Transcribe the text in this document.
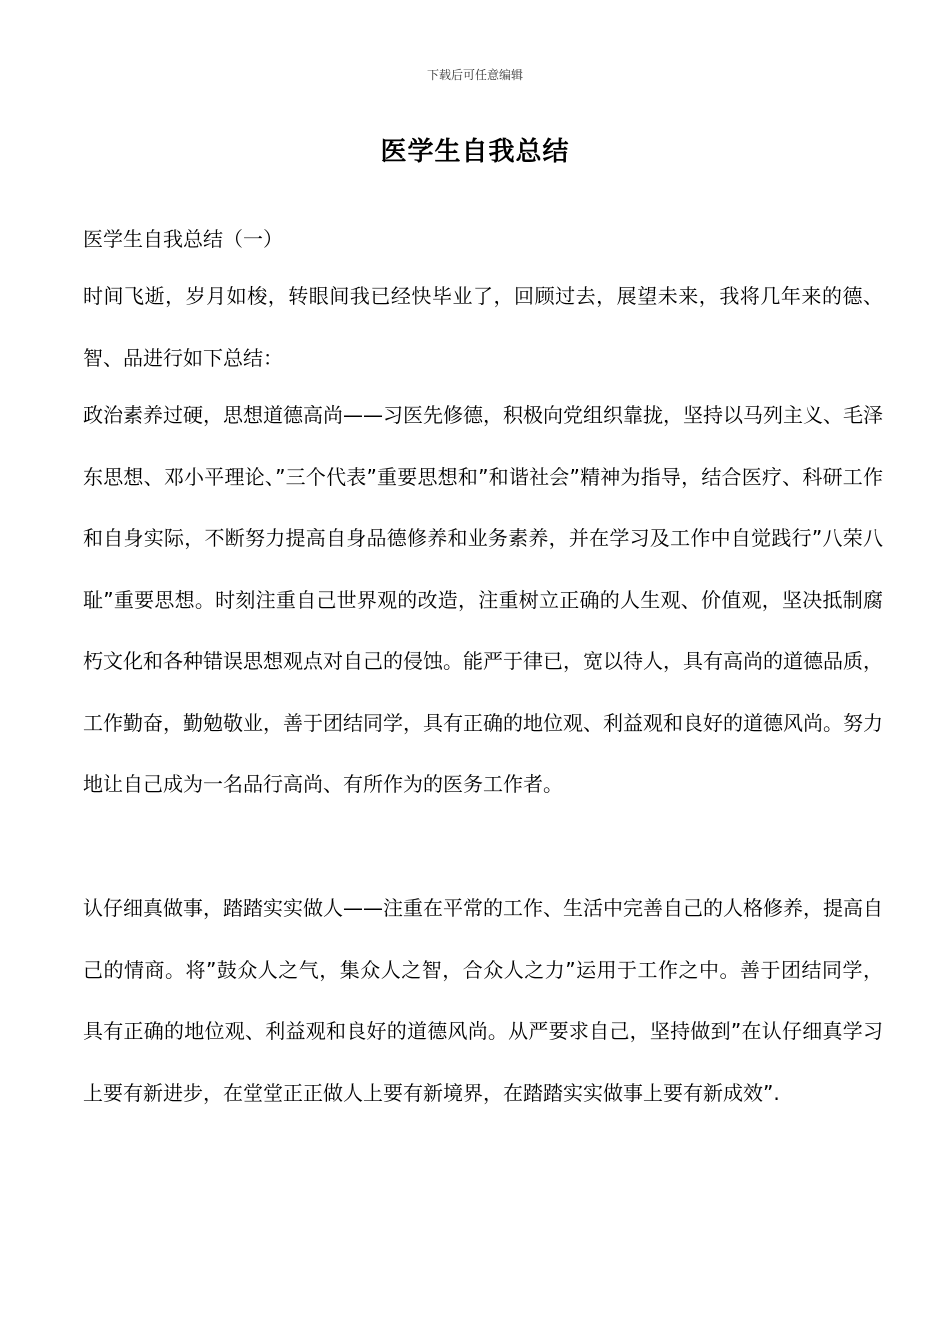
下载后可任意编辑
医学生自我总结
医学生自我总结（一）
时间飞逝，岁月如梭，转眼间我已经快毕业了，回顾过去，展望未来，我将几年来的德、智、品进行如下总结：
政治素养过硬，思想道德高尚——习医先修德，积极向党组织靠拢，坚持以马列主义、毛泽东思想、邓小平理论、”三个代表”重要思想和”和谐社会”精神为指导，结合医疗、科研工作和自身实际，不断努力提高自身品德修养和业务素养，并在学习及工作中自觉践行”八荣八耻”重要思想。时刻注重自己世界观的改造，注重树立正确的人生观、价值观，坚决抵制腐朽文化和各种错误思想观点对自己的侵蚀。能严于律已，宽以待人，具有高尚的道德品质，工作勤奋，勤勉敬业，善于团结同学，具有正确的地位观、利益观和良好的道德风尚。努力地让自己成为一名品行高尚、有所作为的医务工作者。
认仔细真做事，踏踏实实做人——注重在平常的工作、生活中完善自己的人格修养，提高自己的情商。将”鼓众人之气，集众人之智，合众人之力”运用于工作之中。善于团结同学，具有正确的地位观、利益观和良好的道德风尚。从严要求自己，坚持做到”在认仔细真学习上要有新进步，在堂堂正正做人上要有新境界，在踏踏实实做事上要有新成效”.
